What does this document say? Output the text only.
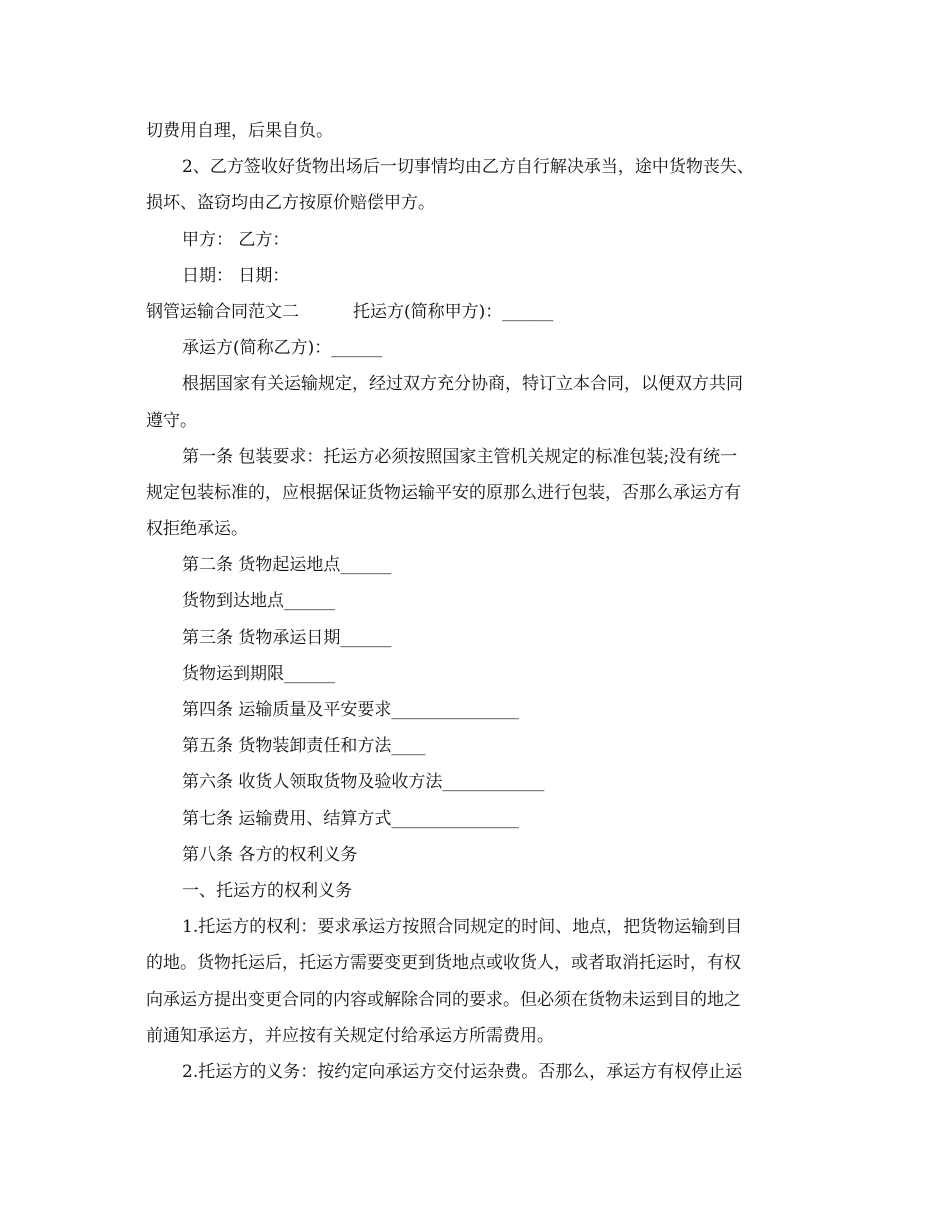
切费用自理，后果自负。
2、乙方签收好货物出场后一切事情均由乙方自行解决承当，途中货物丧失、
损坏、盗窃均由乙方按原价赔偿甲方。
甲方： 乙方：
日期： 日期：
钢管运输合同范文二	托运方(简称甲方)：______
承运方(简称乙方)：______
根据国家有关运输规定，经过双方充分协商，特订立本合同，以便双方共同
遵守。
第一条 包装要求：托运方必须按照国家主管机关规定的标准包装;没有统一
规定包装标准的，应根据保证货物运输平安的原那么进行包装，否那么承运方有
权拒绝承运。
第二条 货物起运地点______
货物到达地点______
第三条 货物承运日期______
货物运到期限______
第四条 运输质量及平安要求_______________
第五条 货物装卸责任和方法____
第六条 收货人领取货物及验收方法____________
第七条 运输费用、结算方式_______________
第八条 各方的权利义务
一、托运方的权利义务
1.托运方的权利：要求承运方按照合同规定的时间、地点，把货物运输到目
的地。货物托运后，托运方需要变更到货地点或收货人，或者取消托运时，有权
向承运方提出变更合同的内容或解除合同的要求。但必须在货物未运到目的地之
前通知承运方，并应按有关规定付给承运方所需费用。
2.托运方的义务：按约定向承运方交付运杂费。否那么，承运方有权停止运
